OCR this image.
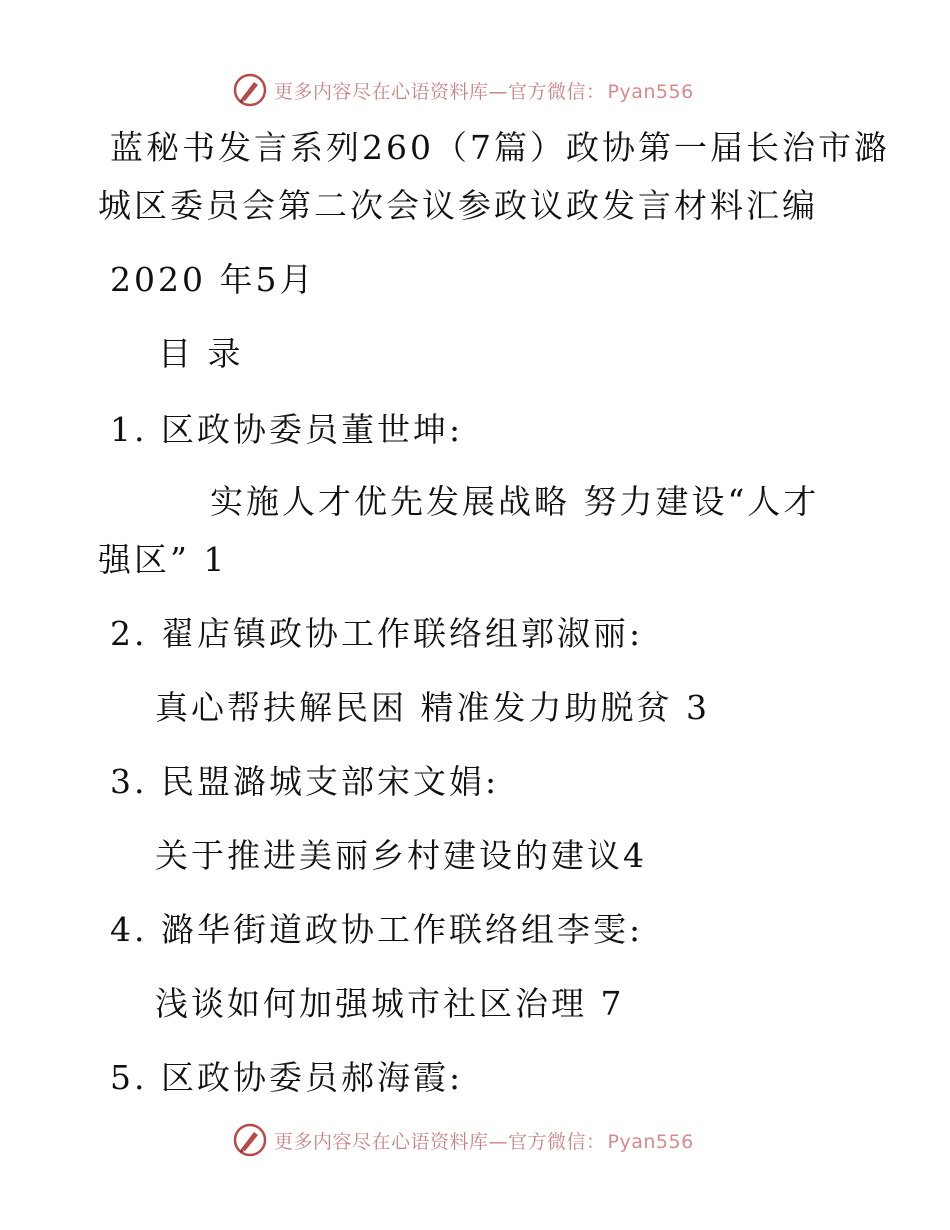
更多内容尽在心语资料库—官方微信： Pyan556
蓝秘书发言系列260（7篇）政协第一届长治市潞
城区委员会第二次会议参政议政发言材料汇编
2020 年5月
目 录
1. 区政协委员董世坤:
实施人才优先发展战略 努力建设“人才
强区” 1
2. 翟店镇政协工作联络组郭淑丽:
真心帮扶解民困 精准发力助脱贫 3
3. 民盟潞城支部宋文娟:
关于推进美丽乡村建设的建议4
4. 潞华街道政协工作联络组李雯:
浅谈如何加强城市社区治理 7
5. 区政协委员郝海霞:
更多内容尽在心语资料库—官方微信： Pyan556
